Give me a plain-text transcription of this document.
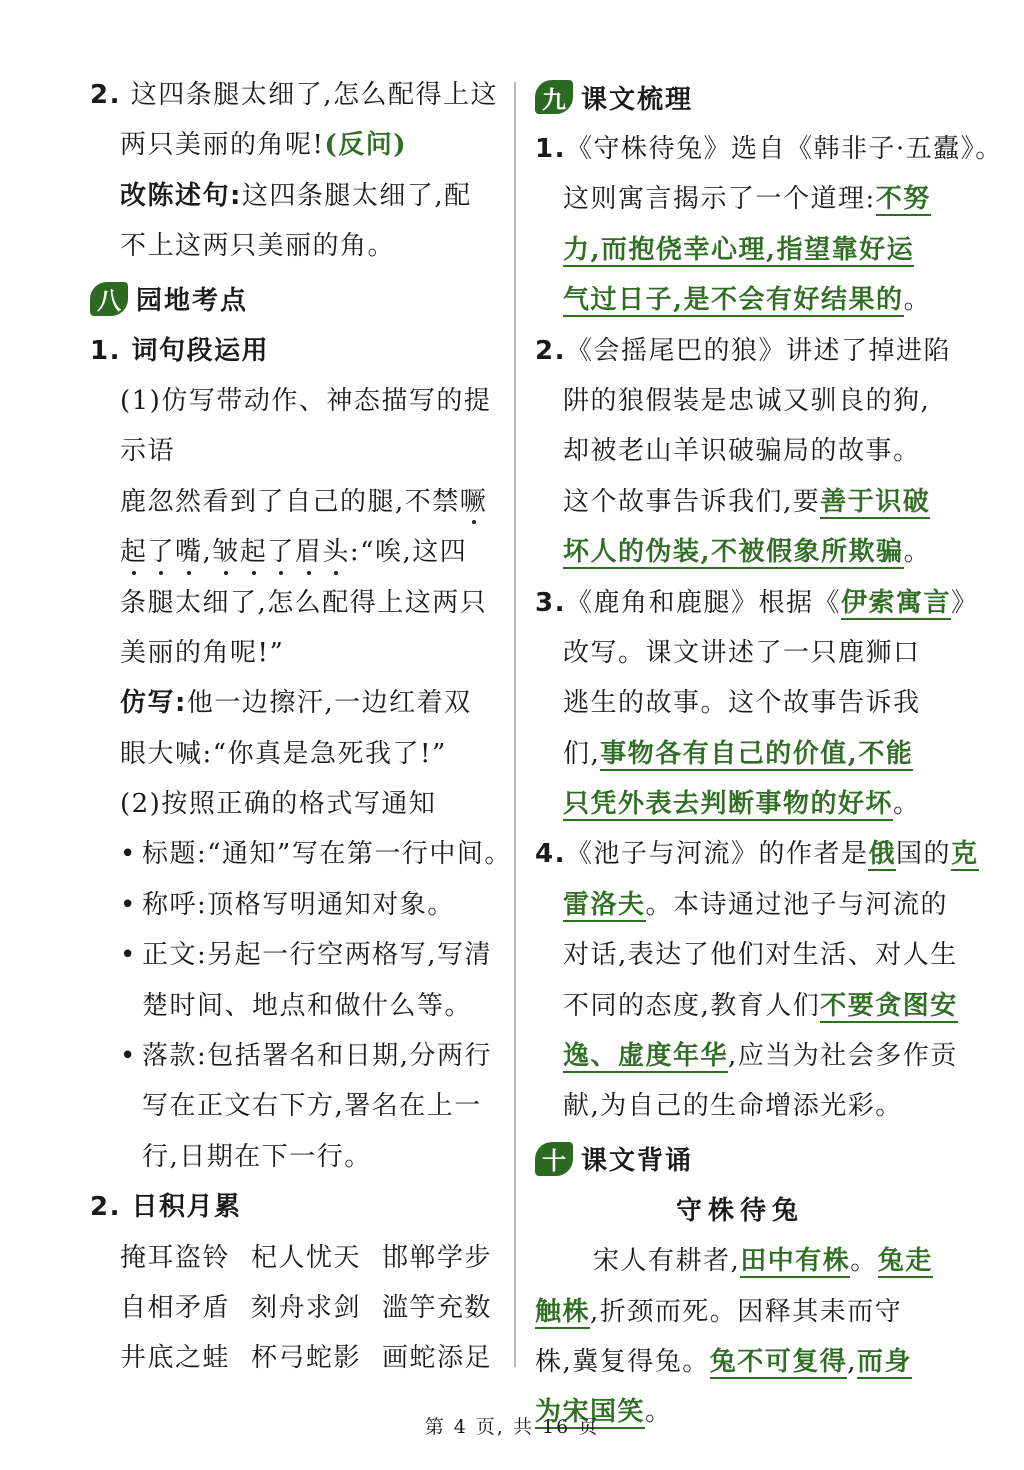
2. 这四条腿太细了,怎么配得上这
两只美丽的角呢!(反问)
改陈述句:这四条腿太细了,配
不上这两只美丽的角。
八 园地考点
1. 词句段运用
(1)仿写带动作、神态描写的提
示语
鹿忽然看到了自己的腿,不禁噘
起了嘴,皱起了眉头:“唉,这四
条腿太细了,怎么配得上这两只
美丽的角呢!”
仿写:他一边擦汗,一边红着双
眼大喊:“你真是急死我了!”
(2)按照正确的格式写通知
• 标题:“通知”写在第一行中间。
• 称呼:顶格写明通知对象。
• 正文:另起一行空两格写,写清
楚时间、地点和做什么等。
• 落款:包括署名和日期,分两行
写在正文右下方,署名在上一
行,日期在下一行。
2. 日积月累
掩耳盗铃 杞人忧天 邯郸学步
自相矛盾 刻舟求剑 滥竽充数
井底之蛙 杯弓蛇影 画蛇添足
九 课文梳理
1.《守株待兔》选自《韩非子·五蠹》。
这则寓言揭示了一个道理:不努
力,而抱侥幸心理,指望靠好运
气过日子,是不会有好结果的。
2.《会摇尾巴的狼》讲述了掉进陷
阱的狼假装是忠诚又驯良的狗,
却被老山羊识破骗局的故事。
这个故事告诉我们,要善于识破
坏人的伪装,不被假象所欺骗。
3.《鹿角和鹿腿》根据《伊索寓言》
改写。课文讲述了一只鹿狮口
逃生的故事。这个故事告诉我
们,事物各有自己的价值,不能
只凭外表去判断事物的好坏。
4.《池子与河流》的作者是俄国的克
雷洛夫。本诗通过池子与河流的
对话,表达了他们对生活、对人生
不同的态度,教育人们不要贪图安
逸、虚度年华,应当为社会多作贡
献,为自己的生命增添光彩。
十 课文背诵
守株待兔
宋人有耕者,田中有株。兔走
触株,折颈而死。因释其耒而守
株,冀复得兔。兔不可复得,而身
为宋国笑。
第 4 页, 共 16 页
